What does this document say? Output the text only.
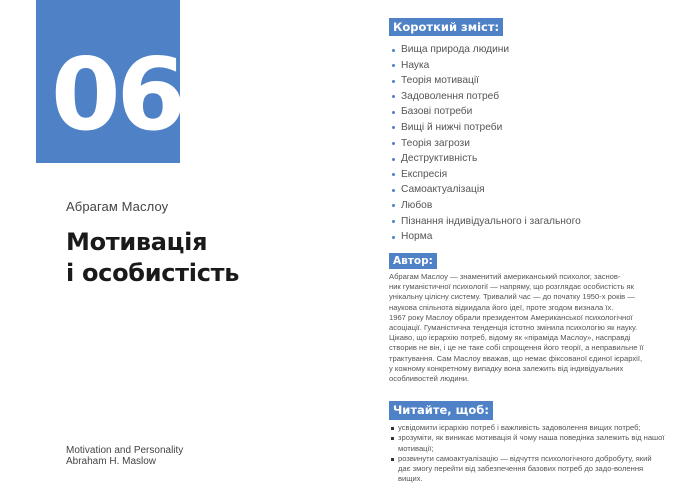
06
Абрагам Маслоу
Мотивація
і особистість
Motivation and Personality
Abraham H. Maslow
Короткий зміст:
Вища природа людини
Наука
Теорія мотивації
Задоволення потреб
Базові потреби
Вищі й нижчі потреби
Теорія загрози
Деструктивність
Експресія
Самоактуалізація
Любов
Пізнання індивідуального і загального
Норма
Автор:
Абрагам Маслоу — знаменитий американський психолог, заснов-
ник гуманістичної психології — напряму, що розглядає особистість як
унікальну цілісну систему. Тривалий час — до початку 1950-х років —
наукова спільнота відкидала його ідеї, проте згодом визнала їх.
1967 року Маслоу обрали президентом Американської психологічної
асоціації. Гуманістична тенденція істотно змінила психологію як науку.
Цікаво, що ієрархію потреб, відому як «піраміда Маслоу», насправді
створив не він, і це не таке собі спрощення його теорії, а неправильне її
трактування. Сам Маслоу вважав, що немає фіксованої єдиної ієрархії,
у кожному конкретному випадку вона залежить від індивідуальних
особливостей людини.
Читайте, щоб:
усвідомити ієрархію потреб і важливість задоволення вищих потреб;
зрозуміти, як виникає мотивація й чому наша поведінка залежить від нашої мотивації;
розвинути самоактуалізацію — відчуття психологічного добробуту, який дає змогу перейти від забезпечення базових потреб до задо-волення вищих.
